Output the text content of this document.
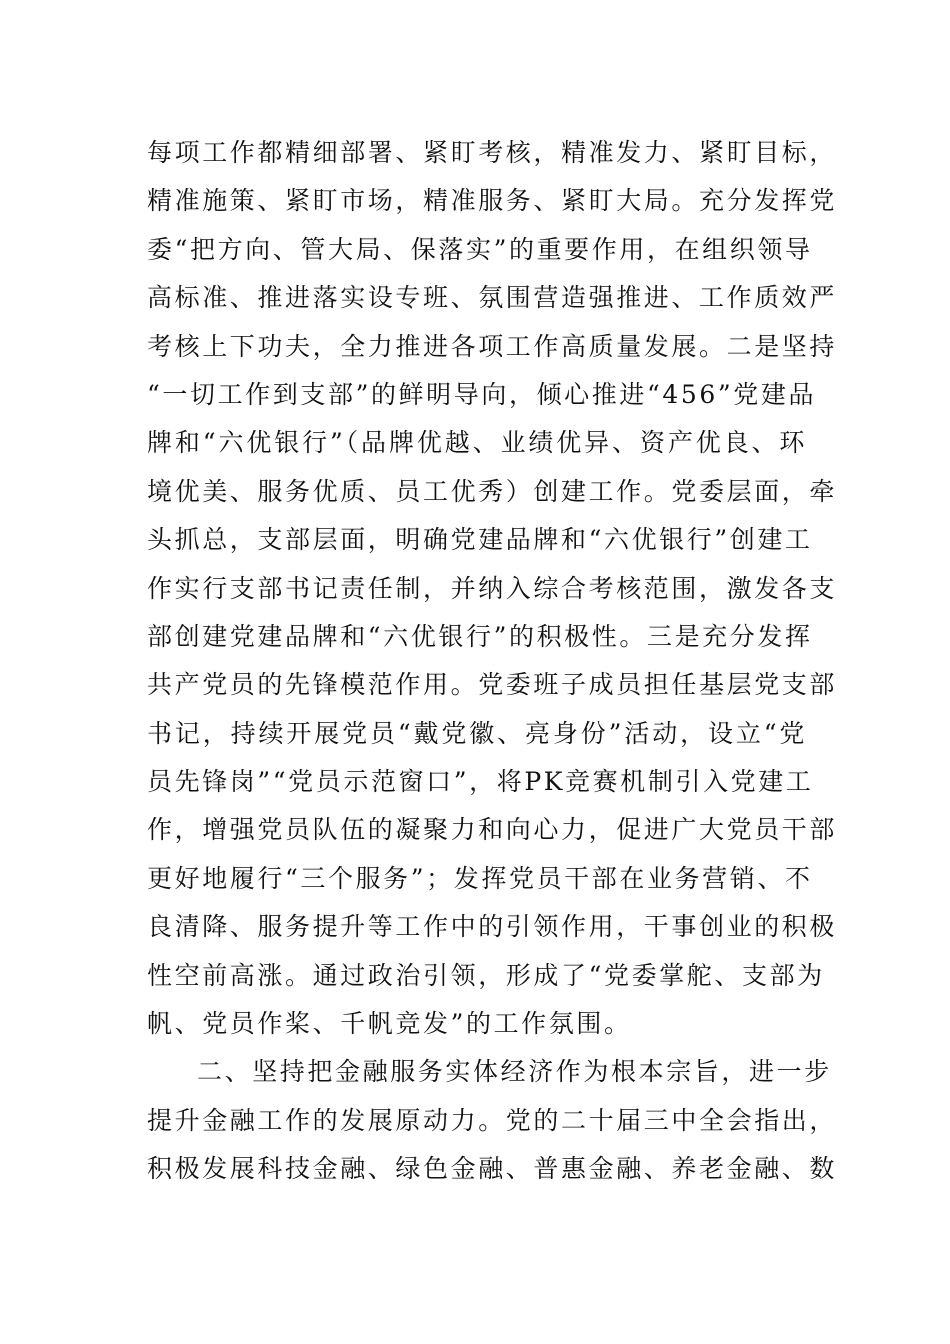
每项工作都精细部署、紧盯考核，精准发力、紧盯目标，
精准施策、紧盯市场，精准服务、紧盯大局。充分发挥党
委“把方向、管大局、保落实”的重要作用，在组织领导
高标准、推进落实设专班、氛围营造强推进、工作质效严
考核上下功夫，全力推进各项工作高质量发展。二是坚持
“一切工作到支部”的鲜明导向，倾心推进“456”党建品
牌和“六优银行”（品牌优越、业绩优异、资产优良、环
境优美、服务优质、员工优秀）创建工作。党委层面，牵
头抓总，支部层面，明确党建品牌和“六优银行”创建工
作实行支部书记责任制，并纳入综合考核范围，激发各支
部创建党建品牌和“六优银行”的积极性。三是充分发挥
共产党员的先锋模范作用。党委班子成员担任基层党支部
书记，持续开展党员“戴党徽、亮身份”活动，设立“党
员先锋岗”“党员示范窗口”，将PK竞赛机制引入党建工
作，增强党员队伍的凝聚力和向心力，促进广大党员干部
更好地履行“三个服务”；发挥党员干部在业务营销、不
良清降、服务提升等工作中的引领作用，干事创业的积极
性空前高涨。通过政治引领，形成了“党委掌舵、支部为
帆、党员作桨、千帆竞发”的工作氛围。
二、坚持把金融服务实体经济作为根本宗旨，进一步
提升金融工作的发展原动力。党的二十届三中全会指出，
积极发展科技金融、绿色金融、普惠金融、养老金融、数
